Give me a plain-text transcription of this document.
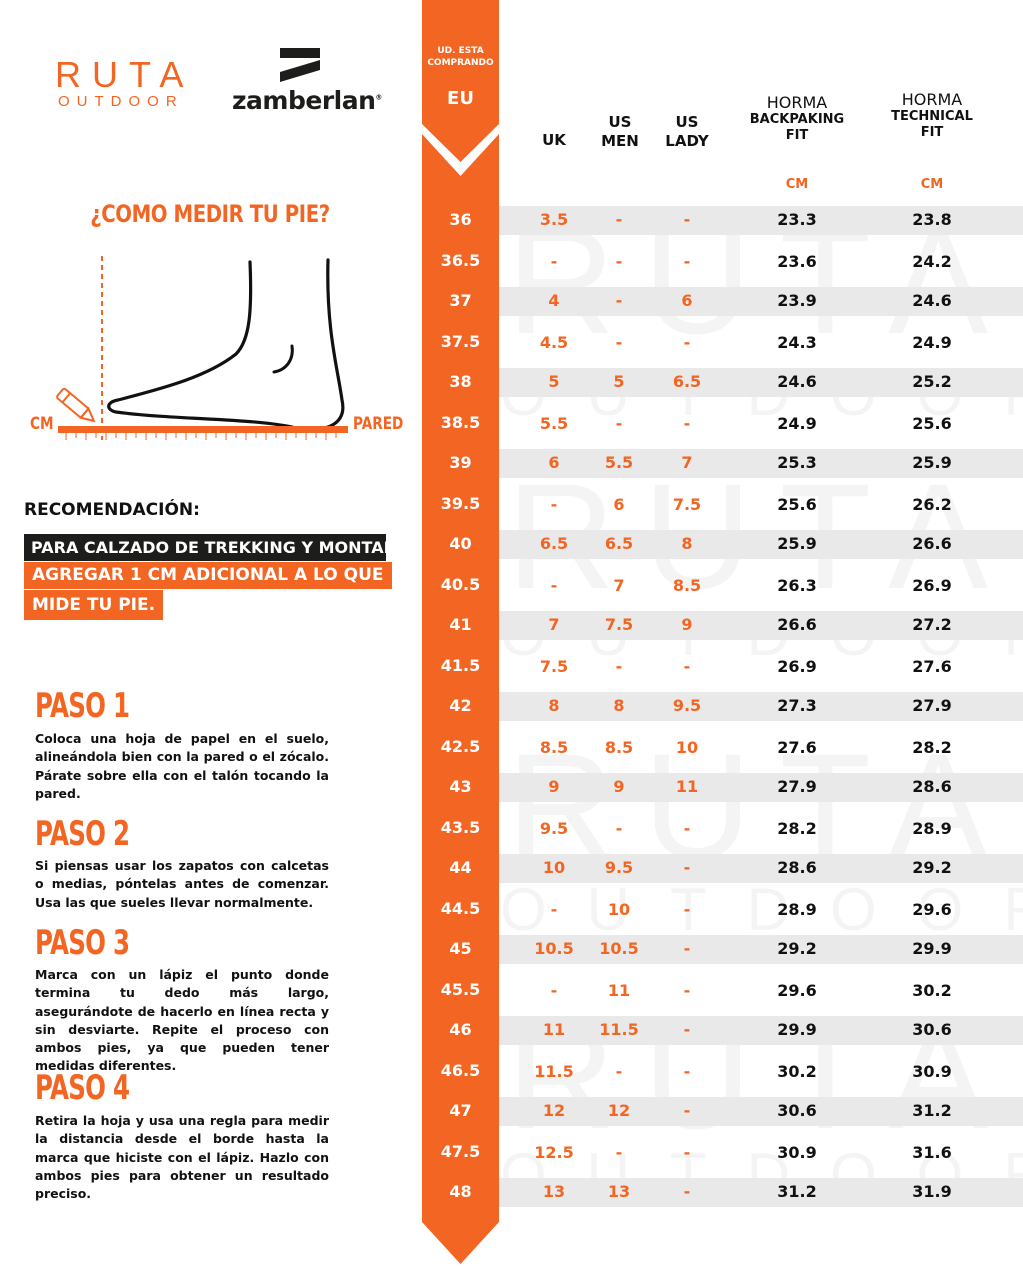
RUTA
OUTDOOR zamberlan®
¿COMO MEDIR TU PIE?
CM	PARED
RECOMENDACIÓN:
PARA CALZADO DE TREKKING Y MONTAÑA:
AGREGAR 1 CM ADICIONAL A LO QUE
MIDE TU PIE.
PASO 1
Coloca una hoja de papel en el suelo, alineándola bien con la pared o el zócalo. Párate sobre ella con el talón tocando la pared.
PASO 2
Si piensas usar los zapatos con calcetas o medias, póntelas antes de comenzar. Usa las que sueles llevar normalmente.
PASO 3
Marca con un lápiz el punto donde termina tu dedo más largo, asegurándote de hacerlo en línea recta y sin desviarte. Repite el proceso con ambos pies, ya que pueden tener medidas diferentes.
PASO 4
Retira la hoja y usa una regla para medir la distancia desde el borde hasta la marca que hiciste con el lápiz. Hazlo con ambos pies para obtener un resultado preciso.
UD. ESTA
COMPRANDO
EU
UK
US
MEN
US
LADY
HORMA
BACKPAKING
FIT
HORMA
TECHNICAL
FIT
CM	CM
36	3.5	-	-	23.3	23.8
36.5	-	-	-	23.6	24.2
37	4	-	6	23.9	24.6
37.5	4.5	-	-	24.3	24.9
38	5	5	6.5	24.6	25.2
38.5	5.5	-	-	24.9	25.6
39	6	5.5	7	25.3	25.9
39.5	-	6	7.5	25.6	26.2
40	6.5	6.5	8	25.9	26.6
40.5	-	7	8.5	26.3	26.9
41	7	7.5	9	26.6	27.2
41.5	7.5	-	-	26.9	27.6
42	8	8	9.5	27.3	27.9
42.5	8.5	8.5	10	27.6	28.2
43	9	9	11	27.9	28.6
43.5	9.5	-	-	28.2	28.9
44	10	9.5	-	28.6	29.2
44.5	-	10	-	28.9	29.6
45	10.5	10.5	-	29.2	29.9
45.5	-	11	-	29.6	30.2
46	11	11.5	-	29.9	30.6
46.5	11.5	-	-	30.2	30.9
47	12	12	-	30.6	31.2
47.5	12.5	-	-	30.9	31.6
48	13	13	-	31.2	31.9
